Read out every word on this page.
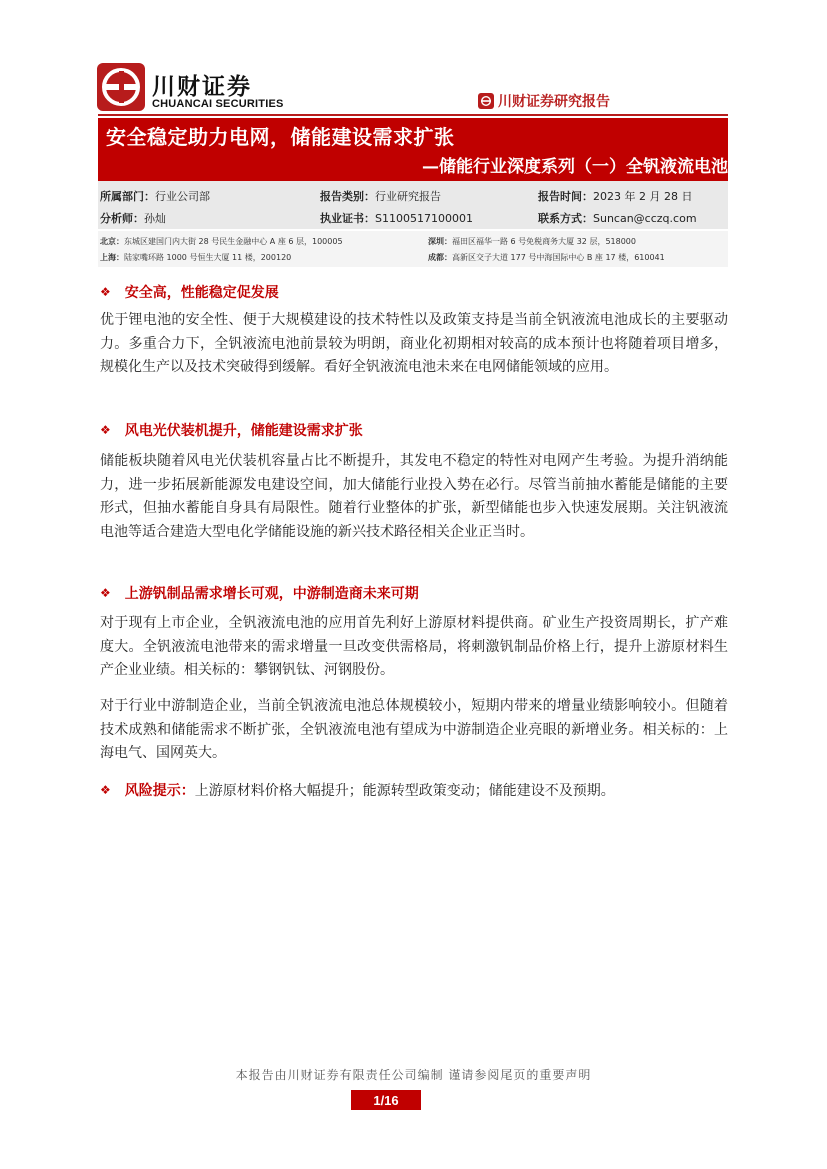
川财证券
CHUANCAI SECURITIES	川财证券研究报告
安全稳定助力电网，储能建设需求扩张
—储能行业深度系列（一）全钒液流电池
所属部门：行业公司部	报告类别：行业研究报告	报告时间：2023 年 2 月 28 日
分析师：孙灿	执业证书：S1100517100001	联系方式：Suncan@cczq.com
北京：东城区建国门内大街 28 号民生金融中心 A 座 6 层，100005	深圳：福田区福华一路 6 号免税商务大厦 32 层，518000
上海：陆家嘴环路 1000 号恒生大厦 11 楼，200120	成都：高新区交子大道 177 号中海国际中心 B 座 17 楼，610041
❖ 安全高，性能稳定促发展
优于锂电池的安全性、便于大规模建设的技术特性以及政策支持是当前全钒液流电池成长的主要驱动力。多重合力下，全钒液流电池前景较为明朗，商业化初期相对较高的成本预计也将随着项目增多，规模化生产以及技术突破得到缓解。看好全钒液流电池未来在电网储能领域的应用。
❖ 风电光伏装机提升，储能建设需求扩张
储能板块随着风电光伏装机容量占比不断提升，其发电不稳定的特性对电网产生考验。为提升消纳能力，进一步拓展新能源发电建设空间，加大储能行业投入势在必行。尽管当前抽水蓄能是储能的主要形式，但抽水蓄能自身具有局限性。随着行业整体的扩张，新型储能也步入快速发展期。关注钒液流电池等适合建造大型电化学储能设施的新兴技术路径相关企业正当时。
❖ 上游钒制品需求增长可观，中游制造商未来可期
对于现有上市企业，全钒液流电池的应用首先利好上游原材料提供商。矿业生产投资周期长，扩产难度大。全钒液流电池带来的需求增量一旦改变供需格局，将刺激钒制品价格上行，提升上游原材料生产企业业绩。相关标的：攀钢钒钛、河钢股份。
对于行业中游制造企业，当前全钒液流电池总体规模较小，短期内带来的增量业绩影响较小。但随着技术成熟和储能需求不断扩张，全钒液流电池有望成为中游制造企业亮眼的新增业务。相关标的：上海电气、国网英大。
❖ 风险提示： 上游原材料价格大幅提升；能源转型政策变动；储能建设不及预期。
本报告由川财证券有限责任公司编制 谨请参阅尾页的重要声明
1/16
